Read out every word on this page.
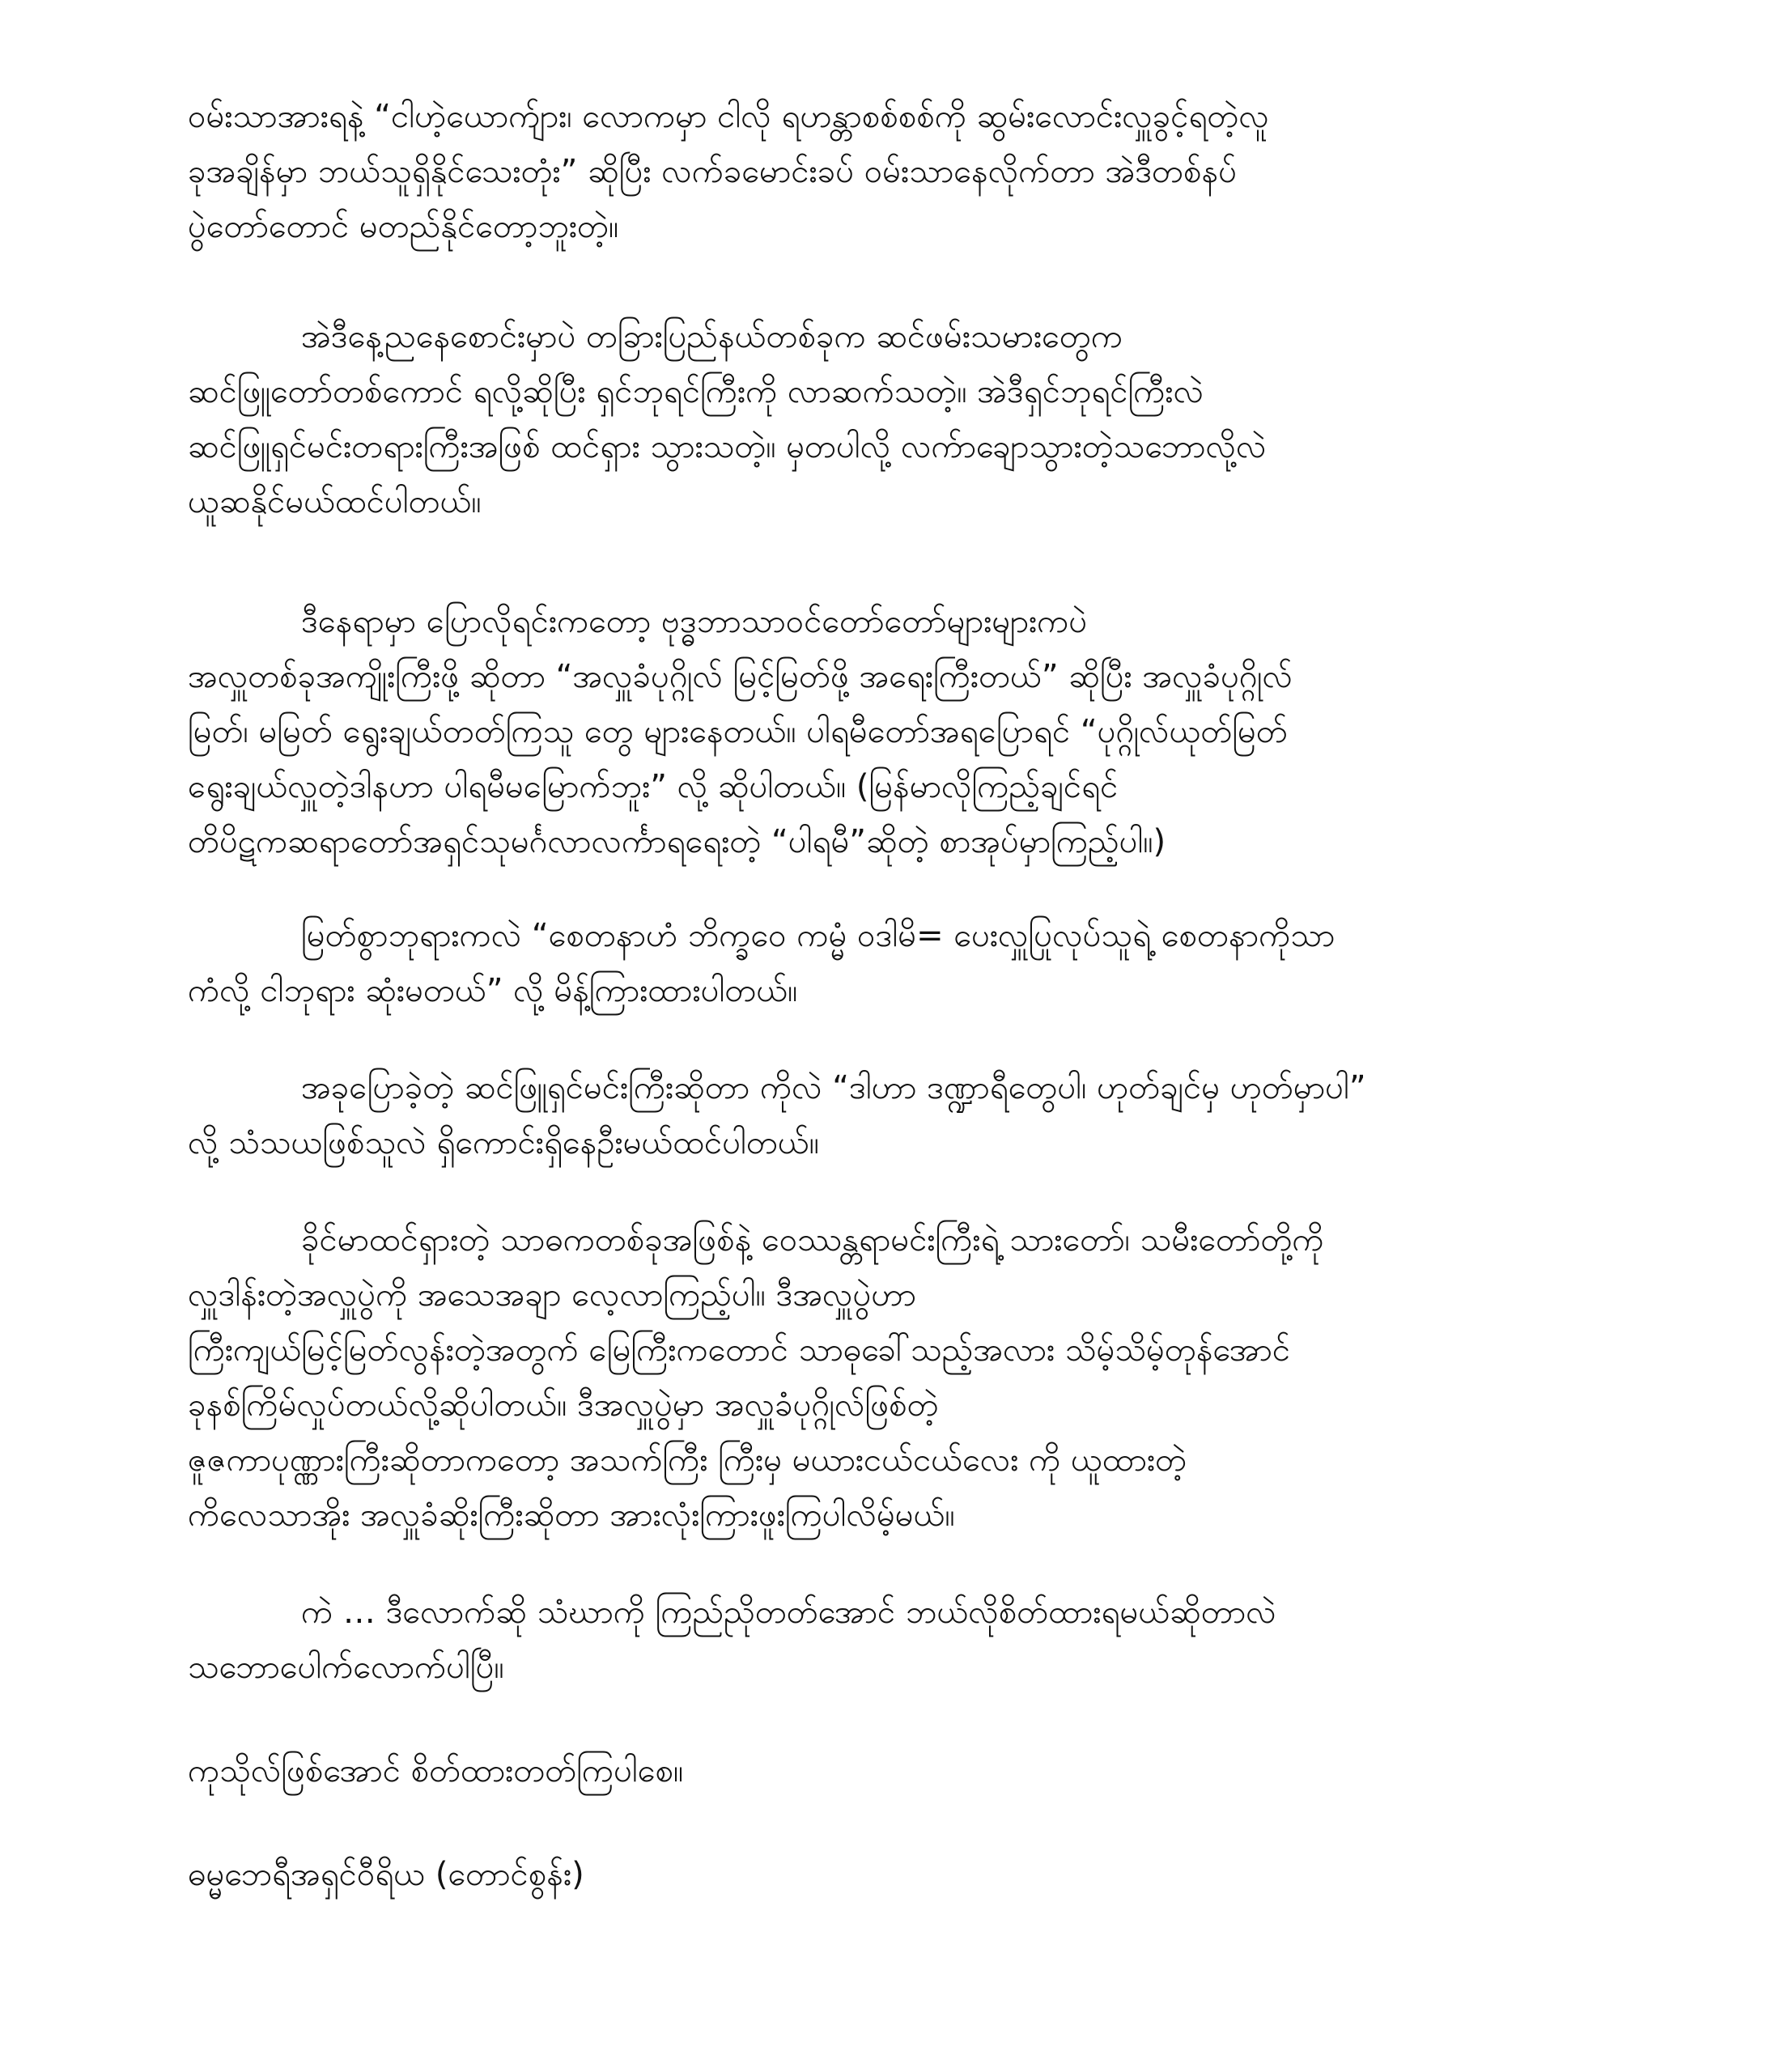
ဝမ်းသာအားရနဲ့ “ငါဟဲ့ယောက်ျား၊ လောကမှာ ငါလို ရဟန္တာစစ်စစ်ကို ဆွမ်းလောင်းလှူခွင့်ရတဲ့လူ
ခုအချိန်မှာ ဘယ်သူရှိနိုင်သေးတုံး” ဆိုပြီး လက်ခမောင်းခပ် ဝမ်းသာနေလိုက်တာ အဲဒီတစ်နပ်
ပွဲတော်တောင် မတည်နိုင်တော့ဘူးတဲ့။

အဲဒီနေ့ညနေစောင်းမှာပဲ တခြားပြည်နယ်တစ်ခုက ဆင်ဖမ်းသမားတွေက
ဆင်ဖြူတော်တစ်ကောင် ရလို့ဆိုပြီး ရှင်ဘုရင်ကြီးကို လာဆက်သတဲ့။ အဲဒီရှင်ဘုရင်ကြီးလဲ
ဆင်ဖြူရှင်မင်းတရားကြီးအဖြစ် ထင်ရှား သွားသတဲ့။ မှတပါလို့ လက်ာချောသွားတဲ့သဘောလို့လဲ
ယူဆနိုင်မယ်ထင်ပါတယ်။

ဒီနေရာမှာ ပြောလိုရင်းကတော့ ဗုဒ္ဓဘာသာဝင်တော်တော်များများကပဲ
အလှူတစ်ခုအကျိုးကြီးဖို့ ဆိုတာ “အလှူခံပုဂ္ဂိုလ် မြင့်မြတ်ဖို့ အရေးကြီးတယ်” ဆိုပြီး အလှူခံပုဂ္ဂိုလ်
မြတ်၊ မမြတ် ရွေးချယ်တတ်ကြသူ တွေ များနေတယ်။ ပါရမီတော်အရပြောရင် “ပုဂ္ဂိုလ်ယုတ်မြတ်
ရွေးချယ်လှူတဲ့ဒါနဟာ ပါရမီမမြောက်ဘူး” လို့ ဆိုပါတယ်။ (မြန်မာလိုကြည့်ချင်ရင်
တိပိဋကဆရာတော်အရှင်သုမင်္ဂလာလင်္ကာရရေးတဲ့ “ပါရမီ”ဆိုတဲ့ စာအုပ်မှာကြည့်ပါ။)

မြတ်စွာဘုရားကလဲ “စေတနာဟံ ဘိက္ခဝေ ကမ္မံ ဝဒါမိ= ပေးလှူပြုလုပ်သူရဲ့ စေတနာကိုသာ
ကံလို့ ငါဘုရား ဆုံးမတယ်” လို့ မိန့်ကြားထားပါတယ်။

အခုပြောခဲ့တဲ့ ဆင်ဖြူရှင်မင်းကြီးဆိုတာ ကိုလဲ “ဒါဟာ ဒဏ္ဍာရီတွေပါ၊ ဟုတ်ချင်မှ ဟုတ်မှာပါ”
လို့ သံသယဖြစ်သူလဲ ရှိကောင်းရှိနေဦးမယ်ထင်ပါတယ်။

ခိုင်မာထင်ရှားတဲ့ သာဓကတစ်ခုအဖြစ်နဲ့ ဝေဿန္တရာမင်းကြီးရဲ့ သားတော်၊ သမီးတော်တို့ကို
လှူဒါန်းတဲ့အလှူပွဲကို အသေအချာ လေ့လာကြည့်ပါ။ ဒီအလှူပွဲဟာ
ကြီးကျယ်မြင့်မြတ်လွန်းတဲ့အတွက် မြေကြီးကတောင် သာဓုခေါ်သည့်အလား သိမ့်သိမ့်တုန်အောင်
ခုနစ်ကြိမ်လှုပ်တယ်လို့ဆိုပါတယ်။ ဒီအလှူပွဲမှာ အလှူခံပုဂ္ဂိုလ်ဖြစ်တဲ့
ဇူဇကာပုဏ္ဏားကြီးဆိုတာကတော့ အသက်ကြီး ကြီးမှ မယားငယ်ငယ်လေး ကို ယူထားတဲ့
ကိလေသာအိုး အလှူခံဆိုးကြီးဆိုတာ အားလုံးကြားဖူးကြပါလိမ့်မယ်။

ကဲ … ဒီလောက်ဆို သံဃာကို ကြည်ညိုတတ်အောင် ဘယ်လိုစိတ်ထားရမယ်ဆိုတာလဲ
သဘောပေါက်လောက်ပါပြီ။

ကုသိုလ်ဖြစ်အောင် စိတ်ထားတတ်ကြပါစေ။

ဓမ္မဘေရီအရှင်ဝီရိယ (တောင်စွန်း)
